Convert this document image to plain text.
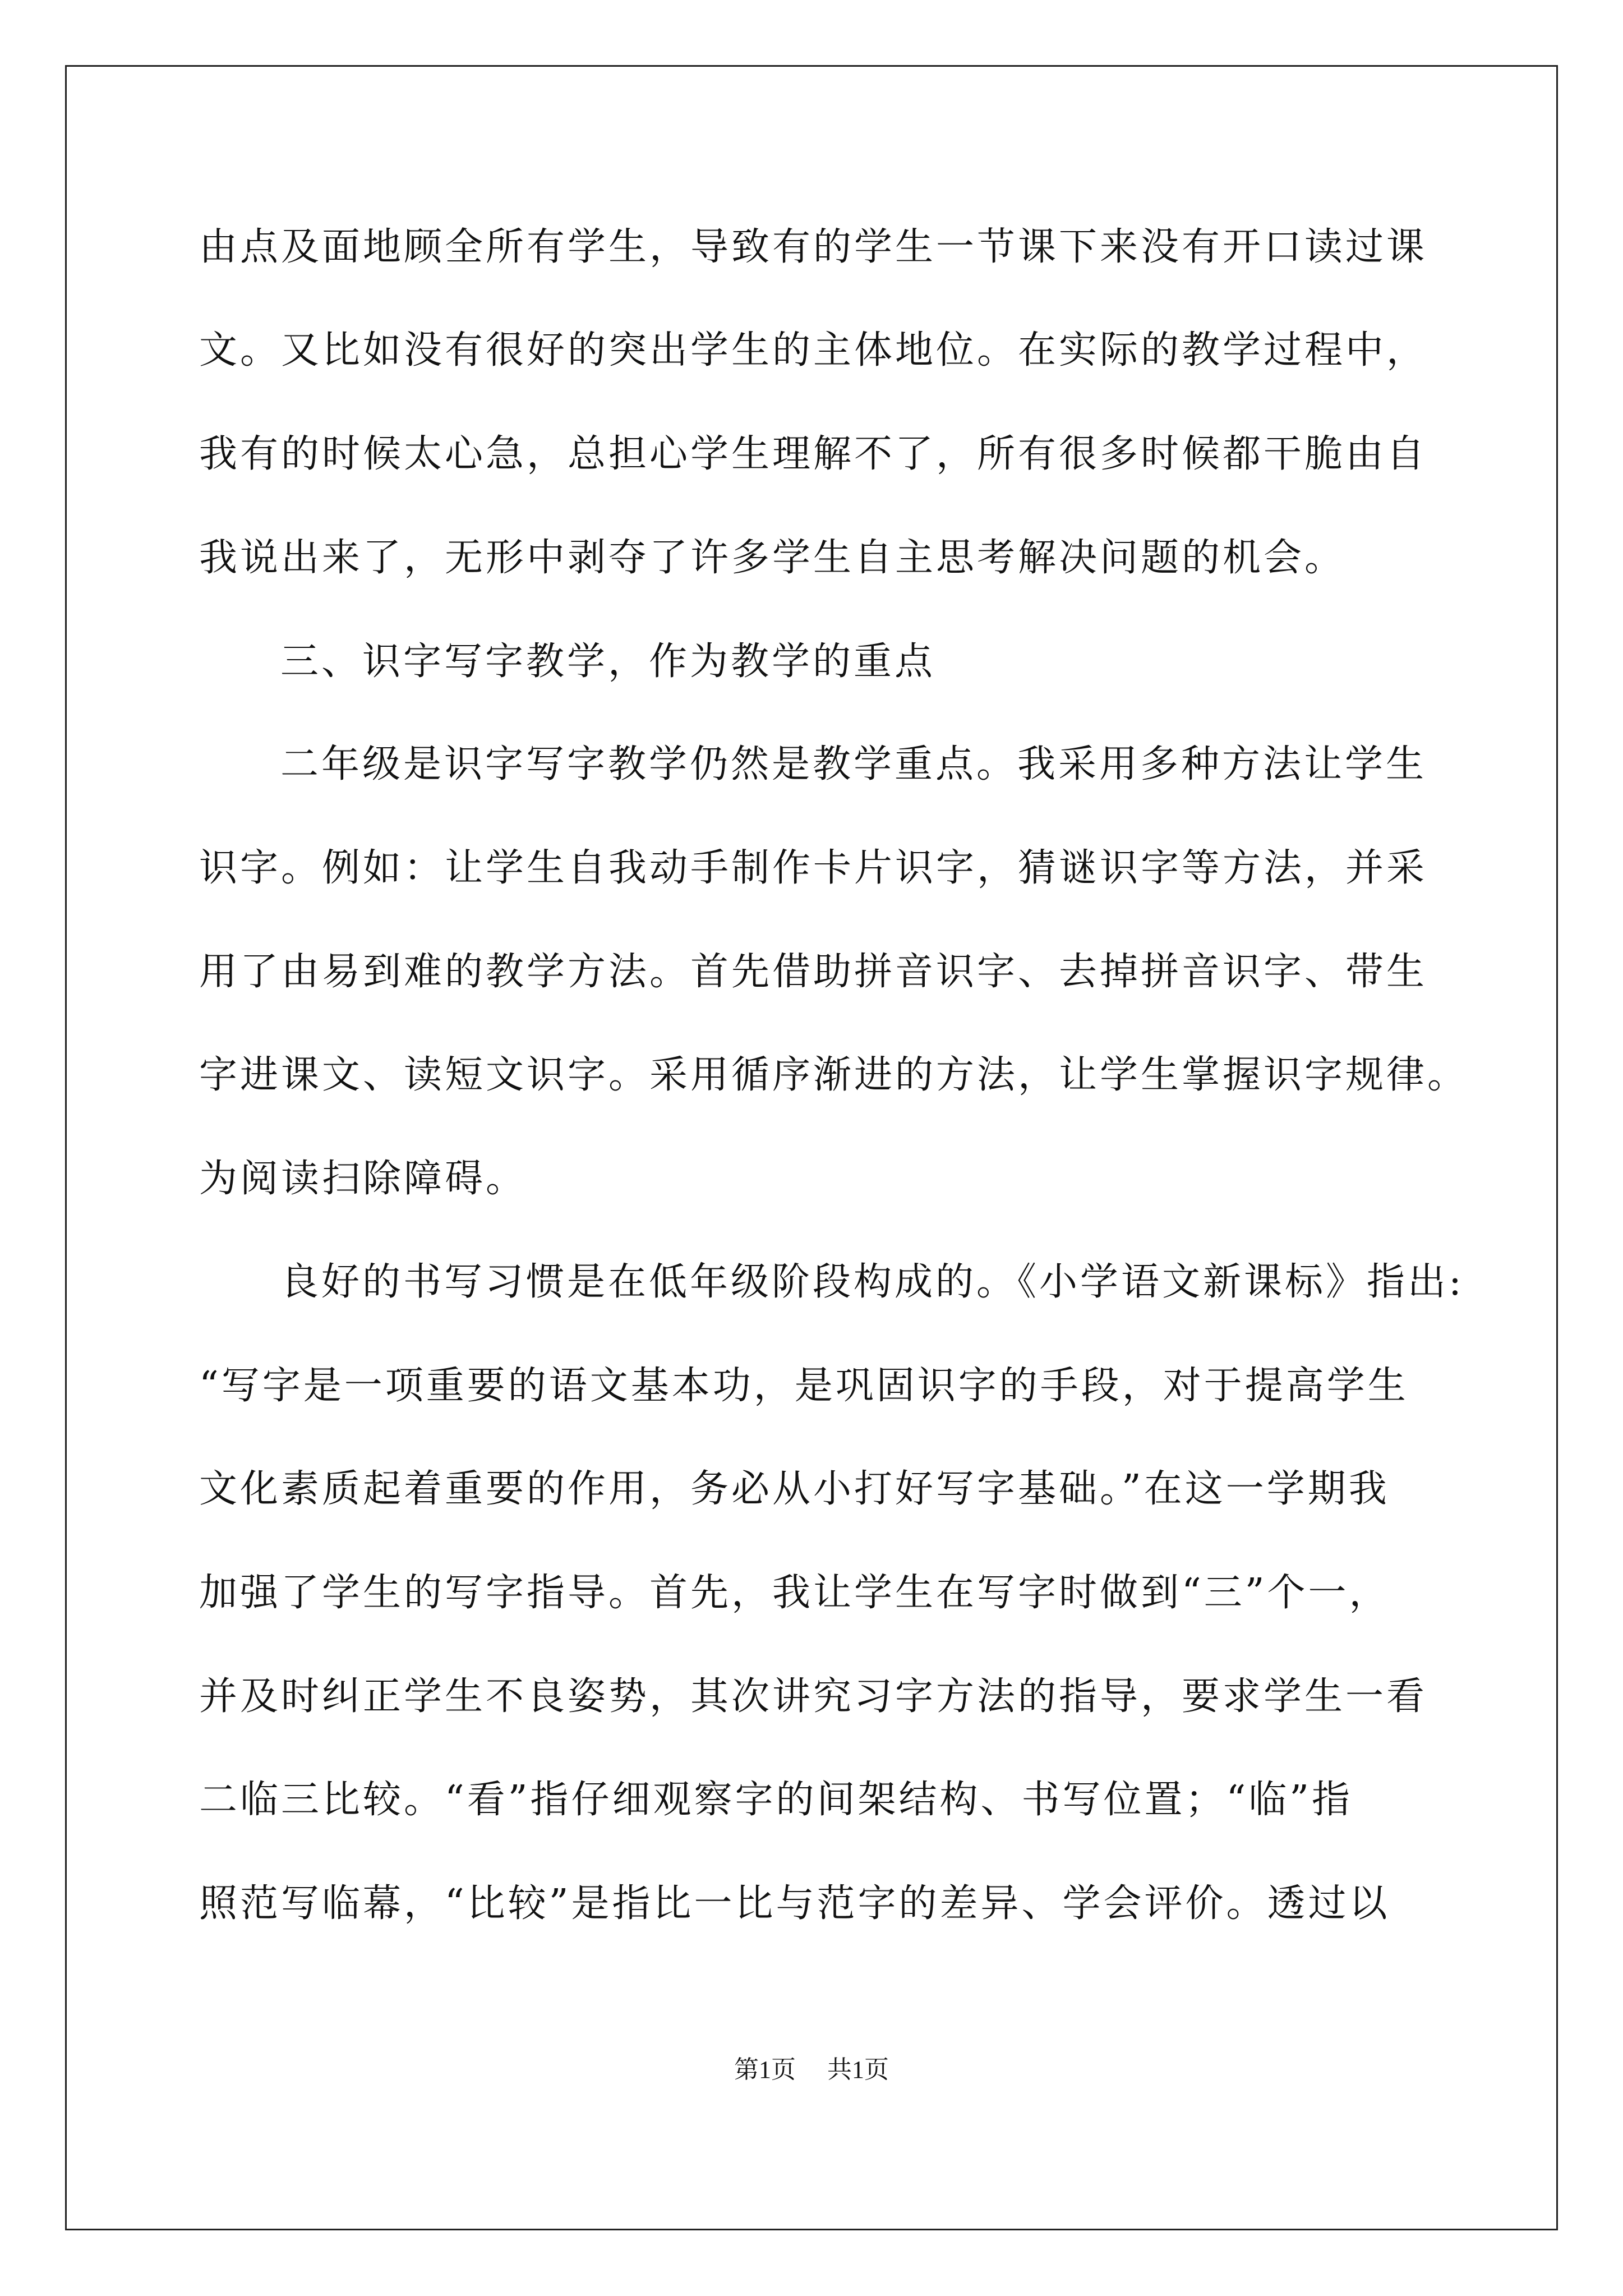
由点及面地顾全所有学生，导致有的学生一节课下来没有开口读过课
文。又比如没有很好的突出学生的主体地位。在实际的教学过程中，
我有的时候太心急，总担心学生理解不了，所有很多时候都干脆由自
我说出来了，无形中剥夺了许多学生自主思考解决问题的机会。
三、识字写字教学，作为教学的重点
二年级是识字写字教学仍然是教学重点。我采用多种方法让学生
识字。例如：让学生自我动手制作卡片识字，猜谜识字等方法，并采
用了由易到难的教学方法。首先借助拼音识字、去掉拼音识字、带生
字进课文、读短文识字。采用循序渐进的方法，让学生掌握识字规律。
为阅读扫除障碍。
良好的书写习惯是在低年级阶段构成的。《小学语文新课标》指出:
“写字是一项重要的语文基本功，是巩固识字的手段，对于提高学生
文化素质起着重要的作用，务必从小打好写字基础。”在这一学期我
加强了学生的写字指导。首先，我让学生在写字时做到“三”个一，
并及时纠正学生不良姿势，其次讲究习字方法的指导，要求学生一看
二临三比较。“看”指仔细观察字的间架结构、书写位置；“临”指
照范写临幕，“比较”是指比一比与范字的差异、学会评价。透过以
第1页 共1页
